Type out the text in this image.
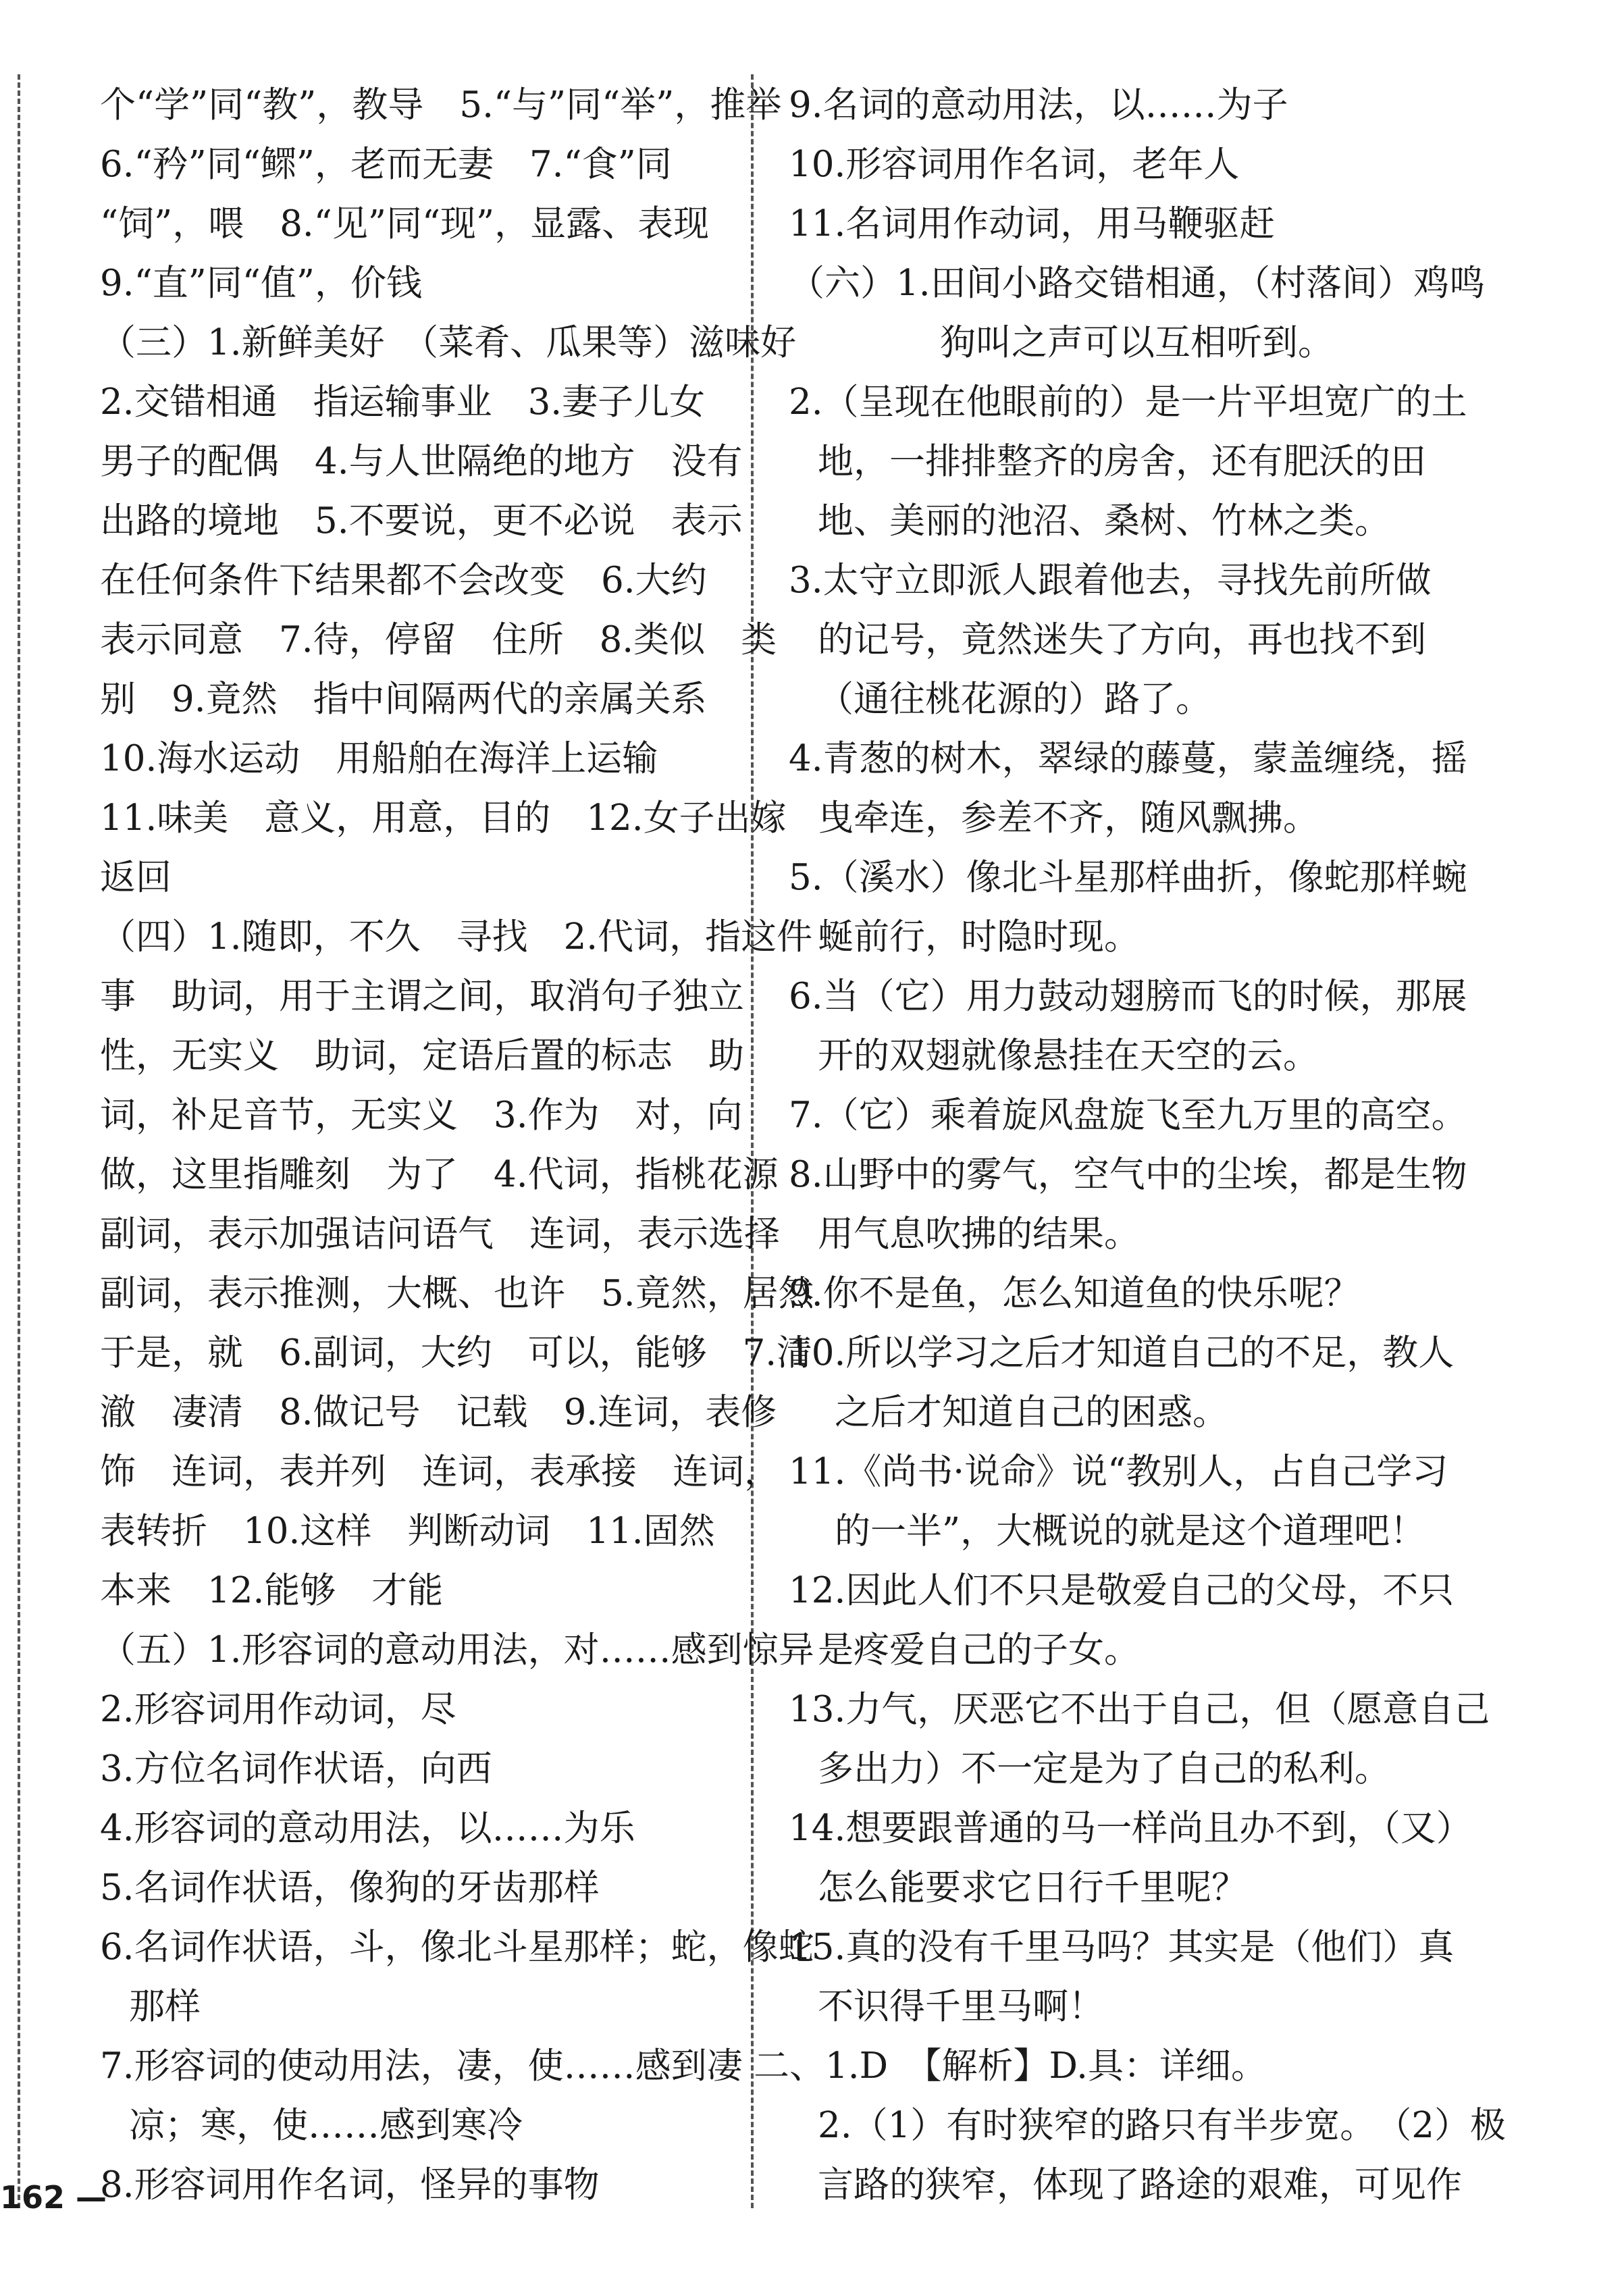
个“学”同“教”，教导　5.“与”同“举”，推举
6.“矜”同“鳏”，老而无妻　7.“食”同
“饲”，喂　8.“见”同“现”，显露、表现
9.“直”同“值”，价钱
（三）1.新鲜美好　（菜肴、瓜果等）滋味好
2.交错相通　指运输事业　3.妻子儿女
男子的配偶　4.与人世隔绝的地方　没有
出路的境地　5.不要说，更不必说　表示
在任何条件下结果都不会改变　6.大约
表示同意　7.待，停留　住所　8.类似　类
别　9.竟然　指中间隔两代的亲属关系
10.海水运动　用船舶在海洋上运输
11.味美　意义，用意，目的　12.女子出嫁
返回
（四）1.随即，不久　寻找　2.代词，指这件
事　助词，用于主谓之间，取消句子独立
性，无实义　助词，定语后置的标志　助
词，补足音节，无实义　3.作为　对，向
做，这里指雕刻　为了　4.代词，指桃花源
副词，表示加强诘问语气　连词，表示选择
副词，表示推测，大概、也许　5.竟然，居然
于是，就　6.副词，大约　可以，能够　7.清
澈　凄清　8.做记号　记载　9.连词，表修
饰　连词，表并列　连词，表承接　连词，
表转折　10.这样　判断动词　11.固然
本来　12.能够　才能
（五）1.形容词的意动用法，对……感到惊异
2.形容词用作动词，尽
3.方位名词作状语，向西
4.形容词的意动用法，以……为乐
5.名词作状语，像狗的牙齿那样
6.名词作状语，斗，像北斗星那样；蛇，像蛇
那样
7.形容词的使动用法，凄，使……感到凄
凉；寒，使……感到寒冷
8.形容词用作名词，怪异的事物
9.名词的意动用法，以……为子
10.形容词用作名词，老年人
11.名词用作动词，用马鞭驱赶
（六）1.田间小路交错相通，（村落间）鸡鸣
狗叫之声可以互相听到。
2.（呈现在他眼前的）是一片平坦宽广的土
地，一排排整齐的房舍，还有肥沃的田
地、美丽的池沼、桑树、竹林之类。
3.太守立即派人跟着他去，寻找先前所做
的记号，竟然迷失了方向，再也找不到
（通往桃花源的）路了。
4.青葱的树木，翠绿的藤蔓，蒙盖缠绕，摇
曳牵连，参差不齐，随风飘拂。
5.（溪水）像北斗星那样曲折，像蛇那样蜿
蜒前行，时隐时现。
6.当（它）用力鼓动翅膀而飞的时候，那展
开的双翅就像悬挂在天空的云。
7.（它）乘着旋风盘旋飞至九万里的高空。
8.山野中的雾气，空气中的尘埃，都是生物
用气息吹拂的结果。
9.你不是鱼，怎么知道鱼的快乐呢？
10.所以学习之后才知道自己的不足，教人
之后才知道自己的困惑。
11.《尚书·说命》说“教别人，占自己学习
的一半”，大概说的就是这个道理吧！
12.因此人们不只是敬爱自己的父母，不只
是疼爱自己的子女。
13.力气，厌恶它不出于自己，但（愿意自己
多出力）不一定是为了自己的私利。
14.想要跟普通的马一样尚且办不到，（又）
怎么能要求它日行千里呢？
15.真的没有千里马吗？其实是（他们）真
不识得千里马啊！
二、1.D　【解析】D.具：详细。
2.（1）有时狭窄的路只有半步宽。　（2）极
言路的狭窄，体现了路途的艰难，可见作
162 —
